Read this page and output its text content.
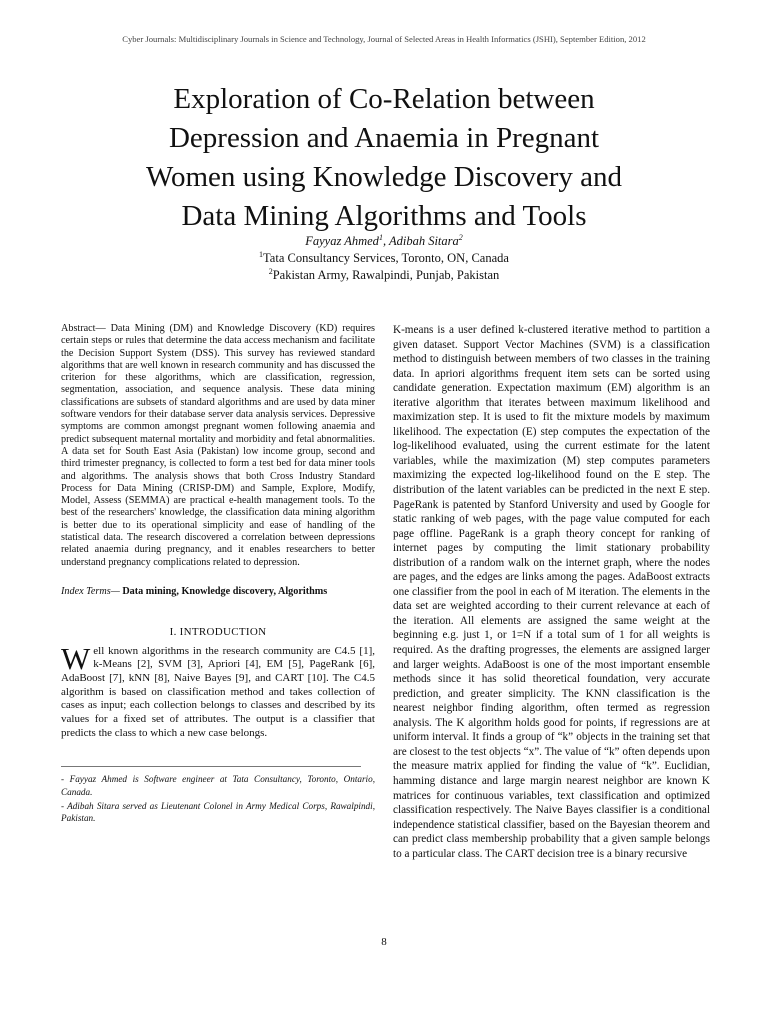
Cyber Journals: Multidisciplinary Journals in Science and Technology, Journal of Selected Areas in Health Informatics (JSHI), September Edition, 2012
Exploration of Co-Relation between
Depression and Anaemia in Pregnant
Women using Knowledge Discovery and
Data Mining Algorithms and Tools
Fayyaz Ahmed$^1$, Adibah Sitara$^2$
$^1$Tata Consultancy Services, Toronto, ON, Canada
$^2$Pakistan Army, Rawalpindi, Punjab, Pakistan

Abstract— Data Mining (DM) and Knowledge Discovery (KD) requires certain steps or rules that determine the data access mechanism and facilitate the Decision Support System (DSS). This survey has reviewed standard algorithms that are well known in research community and has discussed the criterion for these algorithms, which are classification, regression, segmentation, association, and sequence analysis. These data mining classifications are subsets of standard algorithms and are used by data miner software vendors for their database server data analysis services. Depressive symptoms are common amongst pregnant women following anaemia and predict subsequent maternal mortality and morbidity and fetal abnormalities. A data set for South East Asia (Pakistan) low income group, second and third trimester pregnancy, is collected to form a test bed for data miner tools and algorithms. The analysis shows that both Cross Industry Standard Process for Data Mining (CRISP-DM) and Sample, Explore, Modify, Model, Assess (SEMMA) are practical e-health management tools. To the best of the researchers' knowledge, the classification data mining algorithm is better due to its operational simplicity and ease of handling of the statistical data. The research discovered a correlation between depressions related anaemia during pregnancy, and it enables researchers to better understand pregnancy complications related to depression.

Index Terms— Data mining, Knowledge discovery, Algorithms

I. INTRODUCTION

Well known algorithms in the research community are C4.5 [1], k-Means [2], SVM [3], Apriori [4], EM [5], PageRank [6], AdaBoost [7], kNN [8], Naive Bayes [9], and CART [10]. The C4.5 algorithm is based on classification method and takes collection of cases as input; each collection belongs to classes and described by its values for a fixed set of attributes. The output is a classifier that predicts the class to which a new case belongs.

- Fayyaz Ahmed is Software engineer at Tata Consultancy, Toronto, Ontario, Canada.

- Adibah Sitara served as Lieutenant Colonel in Army Medical Corps, Rawalpindi, Pakistan.

K-means is a user defined k-clustered iterative method to partition a given dataset. Support Vector Machines (SVM) is a classification method to distinguish between members of two classes in the training data. In apriori algorithms frequent item sets can be sorted using candidate generation. Expectation maximum (EM) algorithm is an iterative algorithm that iterates between maximum likelihood and maximization step. It is used to fit the mixture models by maximum likelihood. The expectation (E) step computes the expectation of the log-likelihood evaluated, using the current estimate for the latent variables, while the maximization (M) step computes parameters maximizing the expected log-likelihood found on the E step. The distribution of the latent variables can be predicted in the next E step. PageRank is patented by Stanford University and used by Google for static ranking of web pages, with the page value computed for each page offline. PageRank is a graph theory concept for ranking of internet pages by computing the limit stationary probability distribution of a random walk on the internet graph, where the nodes are pages, and the edges are links among the pages. AdaBoost extracts one classifier from the pool in each of M iteration. The elements in the data set are weighted according to their current relevance at each of the iteration. All elements are assigned the same weight at the beginning e.g. just 1, or 1=N if a total sum of 1 for all weights is required. As the drafting progresses, the elements are assigned larger and larger weights. AdaBoost is one of the most important ensemble methods since it has solid theoretical foundation, very accurate prediction, and greater simplicity. The KNN classification is the nearest neighbor finding algorithm, often termed as regression analysis. The K algorithm holds good for points, if regressions are at uniform interval. It finds a group of “k” objects in the training set that are closest to the test objects “x”. The value of “k” often depends upon the measure matrix applied for finding the value of “k”. Euclidian, hamming distance and large margin nearest neighbor are known K matrices for continuous variables, text classification and optimized classification respectively. The Naive Bayes classifier is a conditional independence statistical classifier, based on the Bayesian theorem and can predict class membership probability that a given sample belongs to a particular class. The CART decision tree is a binary recursive

8
